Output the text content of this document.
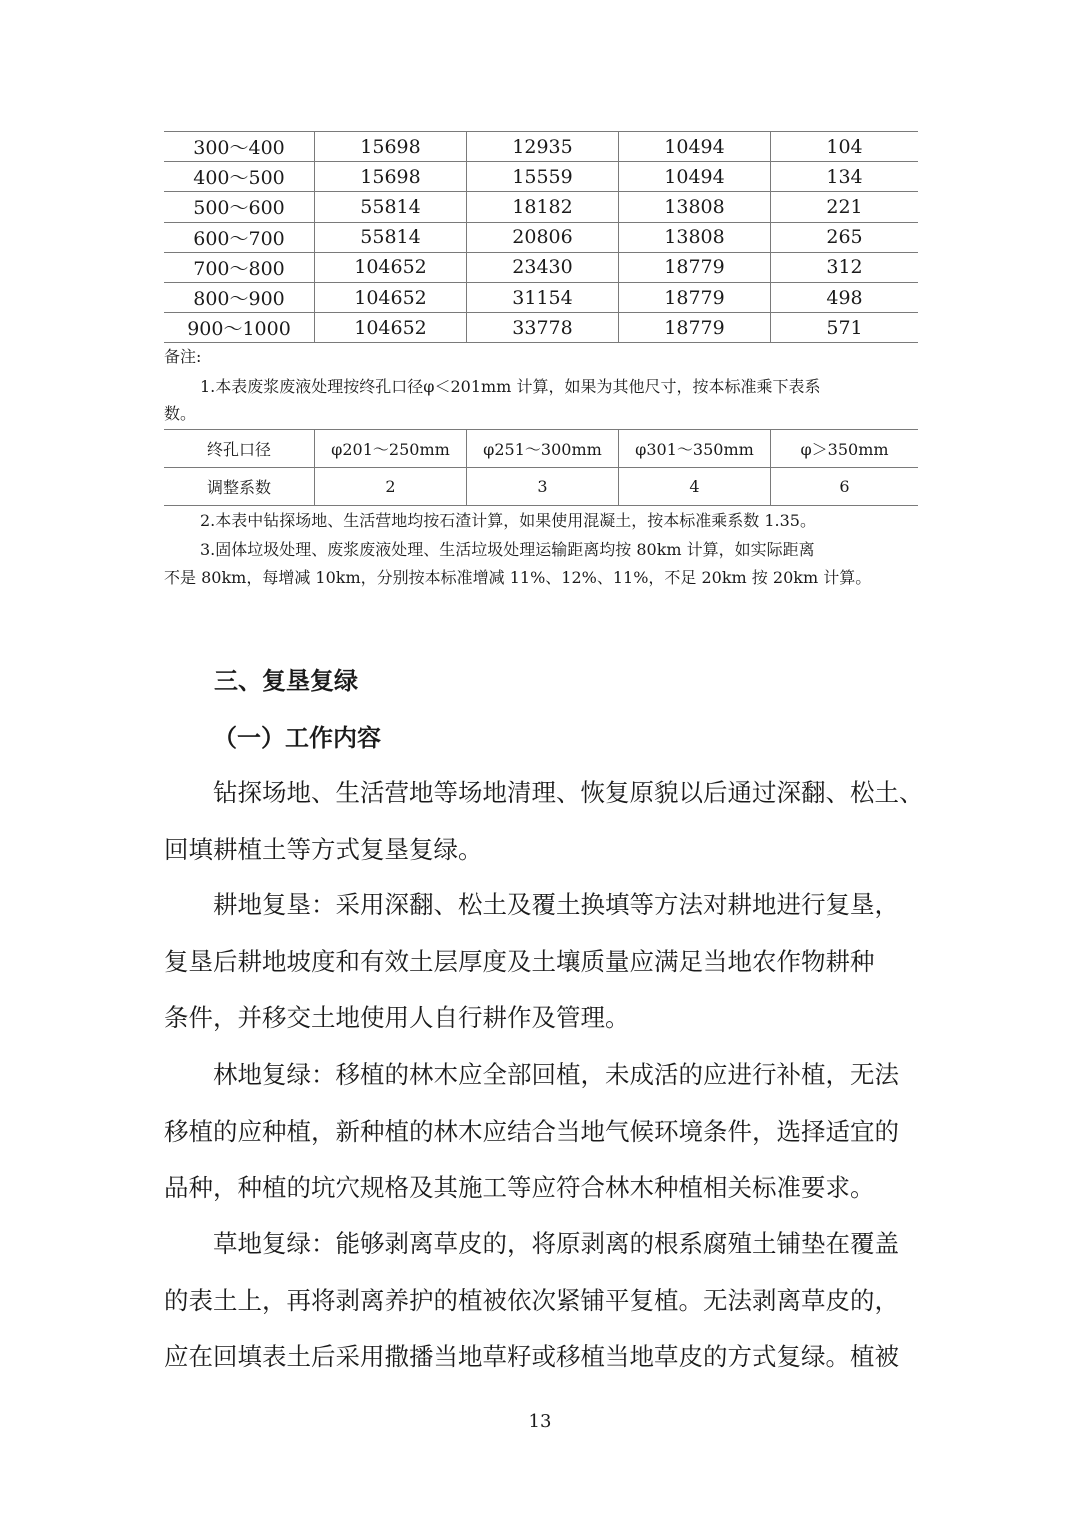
300～400	15698	12935	10494	104
400～500	15698	15559	10494	134
500～600	55814	18182	13808	221
600～700	55814	20806	13808	265
700～800	104652	23430	18779	312
800～900	104652	31154	18779	498
900～1000	104652	33778	18779	571
备注:
1.本表废浆废液处理按终孔口径φ＜201mm 计算，如果为其他尺寸，按本标准乘下表系
数。
终孔口径	φ201～250mm	φ251～300mm	φ301～350mm	φ＞350mm
调整系数	2	3	4	6
2.本表中钻探场地、生活营地均按石渣计算，如果使用混凝土，按本标准乘系数 1.35。
3.固体垃圾处理、废浆废液处理、生活垃圾处理运输距离均按 80km 计算，如实际距离
不是 80km，每增减 10km，分别按本标准增减 11%、12%、11%，不足 20km 按 20km 计算。
三、复垦复绿
（一）工作内容
钻探场地、生活营地等场地清理、恢复原貌以后通过深翻、松土、
回填耕植土等方式复垦复绿。
耕地复垦：采用深翻、松土及覆土换填等方法对耕地进行复垦，
复垦后耕地坡度和有效土层厚度及土壤质量应满足当地农作物耕种
条件，并移交土地使用人自行耕作及管理。
林地复绿：移植的林木应全部回植，未成活的应进行补植，无法
移植的应种植，新种植的林木应结合当地气候环境条件，选择适宜的
品种，种植的坑穴规格及其施工等应符合林木种植相关标准要求。
草地复绿：能够剥离草皮的，将原剥离的根系腐殖土铺垫在覆盖
的表土上，再将剥离养护的植被依次紧铺平复植。无法剥离草皮的，
应在回填表土后采用撒播当地草籽或移植当地草皮的方式复绿。植被
13
